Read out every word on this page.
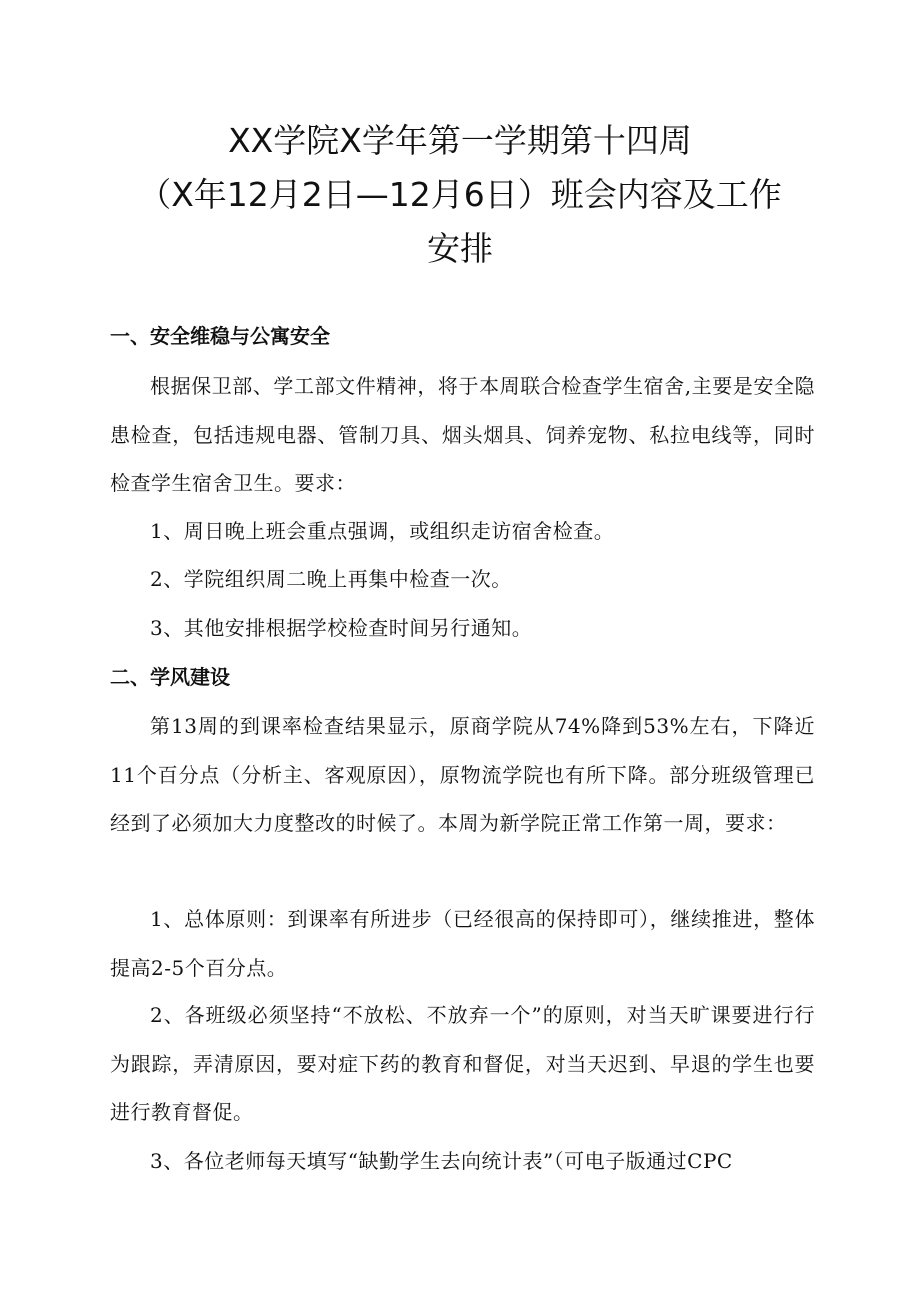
XX学院X学年第一学期第十四周
（X年12月2日—12月6日）班会内容及工作
安排
一、安全维稳与公寓安全
根据保卫部、学工部文件精神，将于本周联合检查学生宿舍,主要是安全隐患检查，包括违规电器、管制刀具、烟头烟具、饲养宠物、私拉电线等，同时检查学生宿舍卫生。要求：
1、周日晚上班会重点强调，或组织走访宿舍检查。
2、学院组织周二晚上再集中检查一次。
3、其他安排根据学校检查时间另行通知。
二、学风建设
第13周的到课率检查结果显示，原商学院从74%降到53%左右，下降近11个百分点（分析主、客观原因），原物流学院也有所下降。部分班级管理已经到了必须加大力度整改的时候了。本周为新学院正常工作第一周，要求：
1、总体原则：到课率有所进步（已经很高的保持即可），继续推进，整体提高2-5个百分点。
2、各班级必须坚持“不放松、不放弃一个”的原则，对当天旷课要进行行为跟踪，弄清原因，要对症下药的教育和督促，对当天迟到、早退的学生也要进行教育督促。
3、各位老师每天填写“缺勤学生去向统计表”（可电子版通过CPC
